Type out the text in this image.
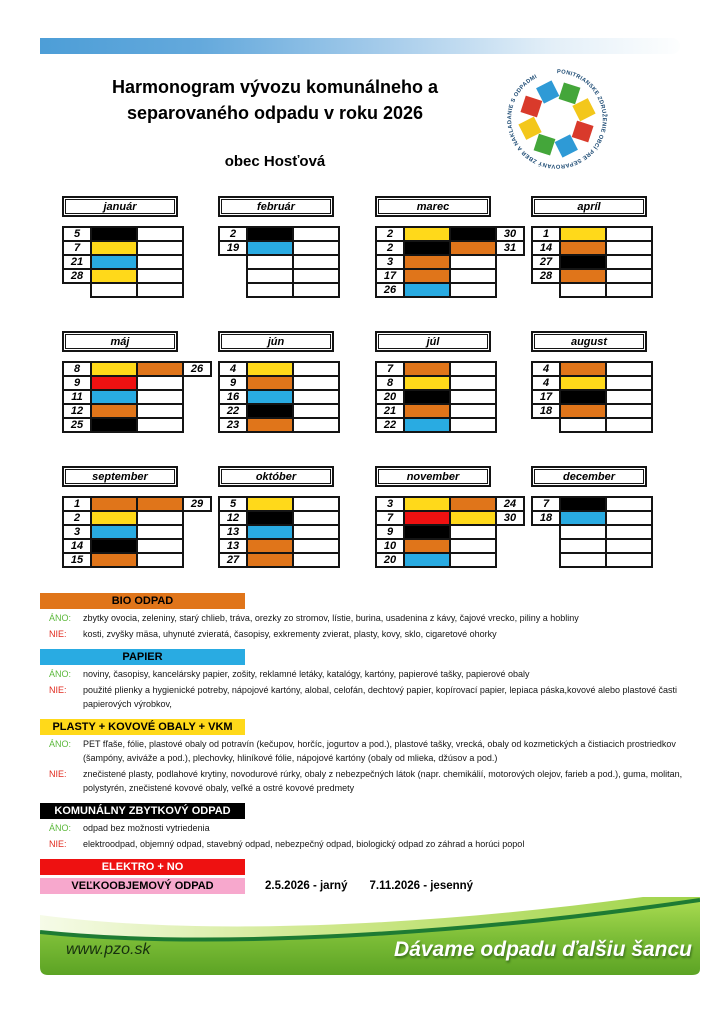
Harmonogram vývozu komunálneho a
separovaného odpadu v roku 2026
PONITRIANSKE ZDRUŽENIE OBCÍ PRE SEPAROVANÝ ZBER A NAKLADANIE S ODPADMI
obec Hosťová
január
5		
7		
21		
28		

február
2		
19		

marec
2			30
2			31
3			
17			
26			
apríl
1		
14		
27		
28		

máj
8			26
9			
11			
12			
25			
jún
4		
9		
16		
22		
23		
júl
7		
8		
20		
21		
22		
august
4		
4		
17		
18		

september
1			29
2			
3			
14			
15			
október
5		
12		
13		
13		
27		
november
3			24
7			30
9			
10			
20			
december
7		
18		

BIO ODPAD
ÁNO:	zbytky ovocia, zeleniny, starý chlieb, tráva, orezky zo stromov, lístie, burina, usadenina z kávy, čajové vrecko, piliny a hobliny
NIE:	kosti, zvyšky mäsa, uhynuté zvieratá, časopisy, exkrementy zvierat, plasty, kovy, sklo, cigaretové ohorky
PAPIER
ÁNO:	noviny, časopisy, kancelársky papier, zošity, reklamné letáky, katalógy, kartóny, papierové tašky, papierové obaly
NIE:	použité plienky a hygienické potreby, nápojové kartóny, alobal, celofán, dechtový papier, kopírovací papier, lepiaca páska,kovové alebo plastové časti papierových výrobkov,
PLASTY + KOVOVÉ OBALY + VKM
ÁNO:	PET fľaše, fólie, plastové obaly od potravín (kečupov, horčíc, jogurtov a pod.), plastové tašky, vrecká, obaly od kozmetických a čistiacich prostriedkov (šampóny, aviváže a pod.), plechovky, hliníkové fólie, nápojové kartóny (obaly od mlieka, džúsov a pod.)
NIE:	znečistené plasty, podlahové krytiny, novodurové rúrky, obaly z nebezpečných látok (napr. chemikálií, motorových olejov, farieb a pod.), guma, molitan, polystyrén, znečistené kovové obaly, veľké a ostré kovové predmety
KOMUNÁLNY ZBYTKOVÝ ODPAD
ÁNO:	odpad bez možnosti vytriedenia
NIE:	elektroodpad, objemný odpad, stavebný odpad, nebezpečný odpad, biologický odpad zo záhrad a horúci popol
ELEKTRO + NO
VEĽKOOBJEMOVÝ ODPAD	2.5.2026 - jarný 7.11.2026 - jesenný
www.pzo.sk	Dávame odpadu ďalšiu šancu
